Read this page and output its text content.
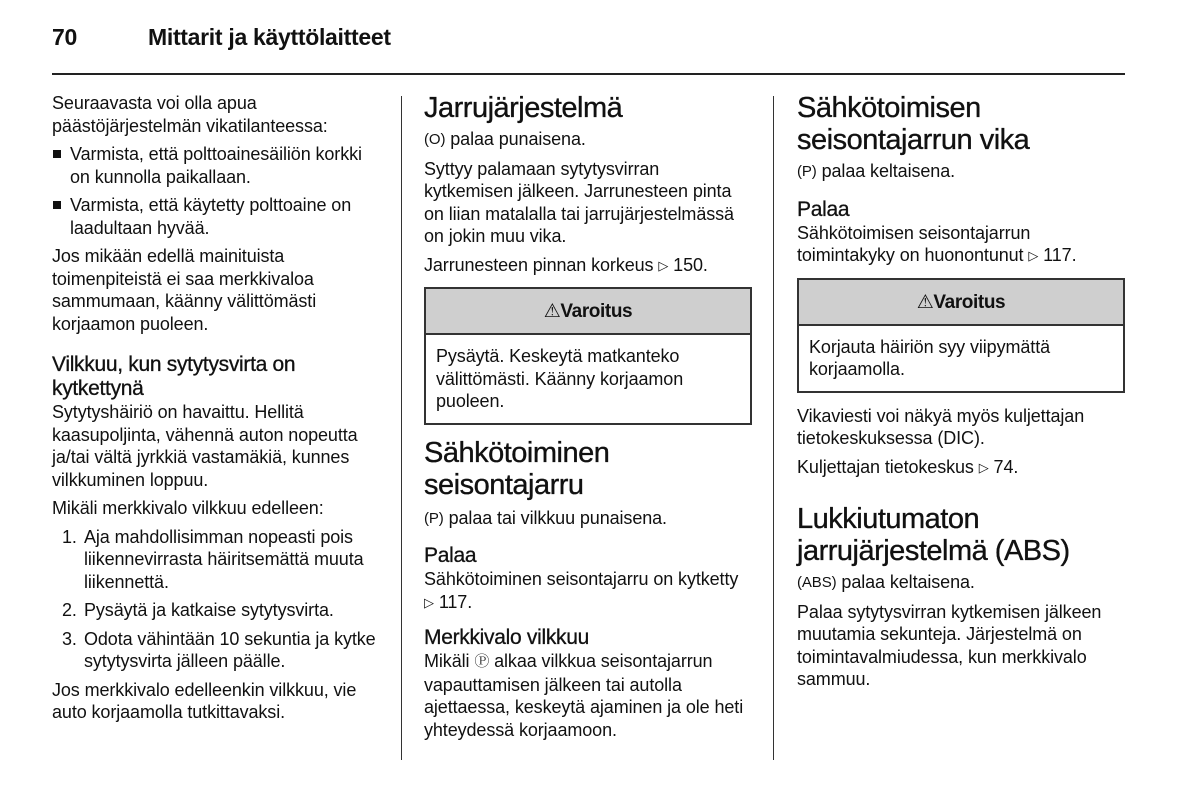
70	Mittarit ja käyttölaitteet

Seuraavasta voi olla apua päästöjärjestelmän vikatilanteessa:

Varmista, että polttoainesäiliön korkki on kunnolla paikallaan.
Varmista, että käytetty polttoaine on laadultaan hyvää.

Jos mikään edellä mainituista toimenpiteistä ei saa merkkivaloa sammumaan, käänny välittömästi korjaamon puoleen.

Vilkkuu, kun sytytysvirta on kytkettynä

Sytytyshäiriö on havaittu. Hellitä kaasupoljinta, vähennä auton nopeutta ja/tai vältä jyrkkiä vastamäkiä, kunnes vilkkuminen loppuu.

Mikäli merkkivalo vilkkuu edelleen:

1. Aja mahdollisimman nopeasti pois liikennevirrasta häiritsemättä muuta liikennettä.
2. Pysäytä ja katkaise sytytysvirta.
3. Odota vähintään 10 sekuntia ja kytke sytytysvirta jälleen päälle.

Jos merkkivalo edelleenkin vilkkuu, vie auto korjaamolla tutkittavaksi.

Jarrujärjestelmä

(O) palaa punaisena.

Syttyy palamaan sytytysvirran kytkemisen jälkeen. Jarrunesteen pinta on liian matalalla tai jarrujärjestelmässä on jokin muu vika.

Jarrunesteen pinnan korkeus ▷ 150.

⚠Varoitus
Pysäytä. Keskeytä matkanteko välittömästi. Käänny korjaamon puoleen.
Sähkötoiminen seisontajarru

(P) palaa tai vilkkuu punaisena.

Palaa

Sähkötoiminen seisontajarru on kytketty ▷ 117.

Merkkivalo vilkkuu

Mikäli Ⓟ alkaa vilkkua seisontajarrun vapauttamisen jälkeen tai autolla ajettaessa, keskeytä ajaminen ja ole heti yhteydessä korjaamoon.

Sähkötoimisen seisontajarrun vika

(P) palaa keltaisena.

Palaa

Sähkötoimisen seisontajarrun toimintakyky on huonontunut ▷ 117.

⚠Varoitus
Korjauta häiriön syy viipymättä korjaamolla.

Vikaviesti voi näkyä myös kuljettajan tietokeskuksessa (DIC).

Kuljettajan tietokeskus ▷ 74.

Lukkiutumaton jarrujärjestelmä (ABS)

(ABS) palaa keltaisena.

Palaa sytytysvirran kytkemisen jälkeen muutamia sekunteja. Järjestelmä on toimintavalmiudessa, kun merkkivalo sammuu.
